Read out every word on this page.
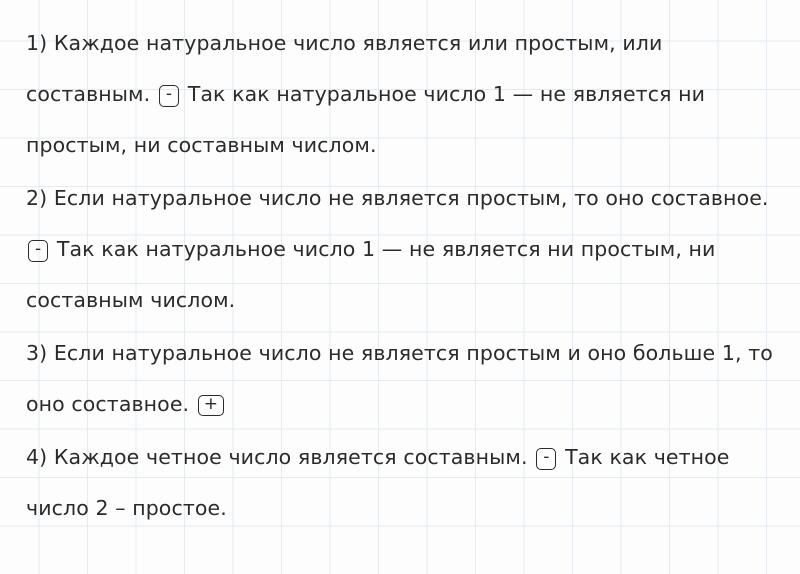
1) Каждое натуральное число является или простым, или составным. - Так как натуральное число 1 — не является ни простым, ни составным числом.

2) Если натуральное число не является простым, то оно составное. - Так как натуральное число 1 — не является ни простым, ни составным числом.

3) Если натуральное число не является простым и оно больше 1, то оно составное. +

4) Каждое четное число является составным. - Так как четное число 2 – простое.
